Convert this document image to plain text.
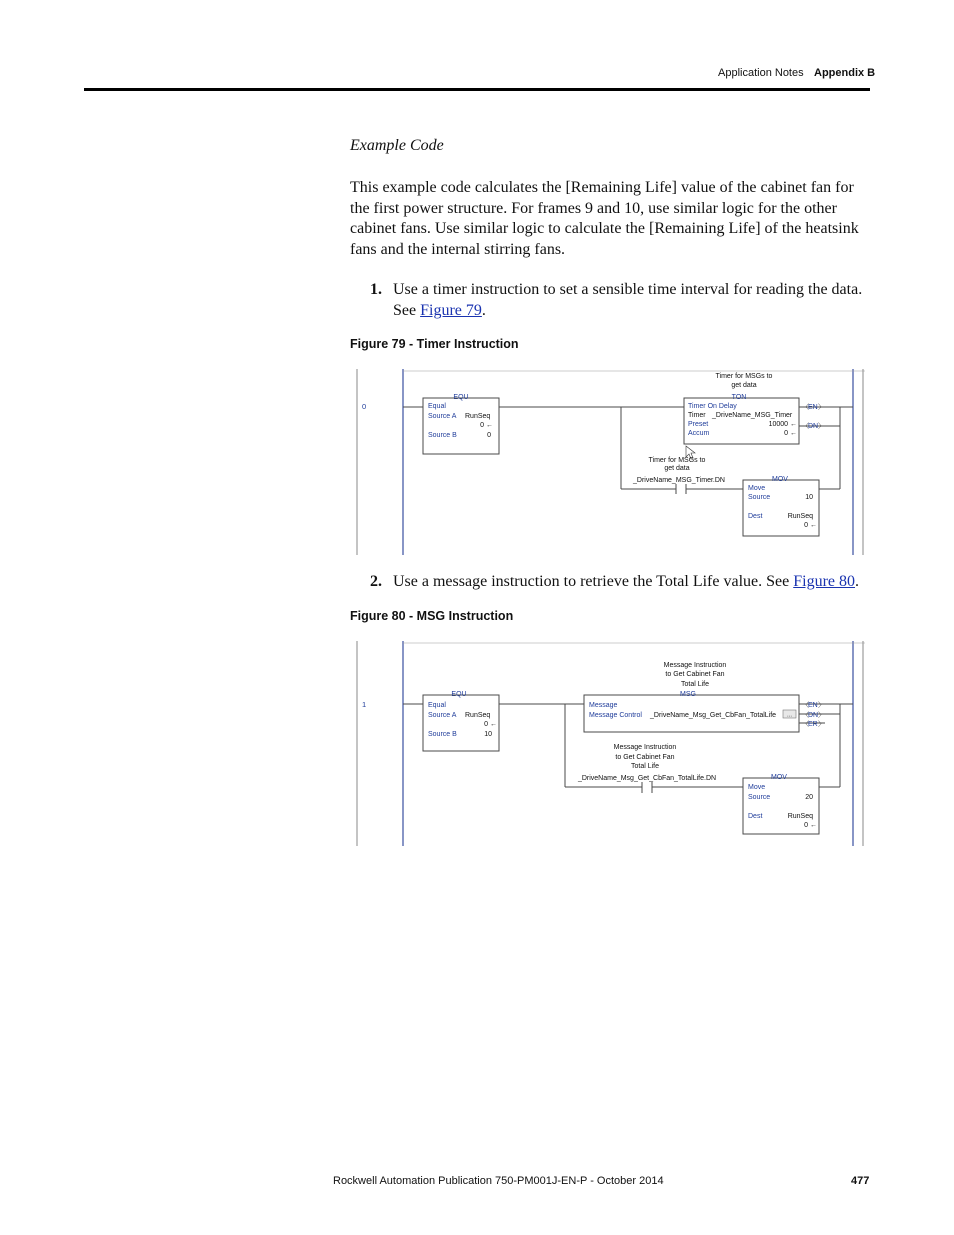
Application Notes Appendix B
Example Code
This example code calculates the [Remaining Life] value of the cabinet fan for the first power structure. For frames 9 and 10, use similar logic for the other cabinet fans. Use similar logic to calculate the [Remaining Life] of the heatsink fans and the internal stirring fans.
1. Use a timer instruction to set a sensible time interval for reading the data. See Figure 79.
Figure 79 - Timer Instruction
0
EQU
Equal
Source A RunSeq
0 ←
Source B	0
Timer for MSGs to
get data
TON
Timer On Delay
Timer _DriveName_MSG_Timer
Preset	10000 ←
Accum	0 ←
〈 EN 〉
〈 DN 〉
Timer for MSGs to
get data
_DriveName_MSG_Timer.DN	MOV
Move
Source	10
Dest	RunSeq
0 ←
2. Use a message instruction to retrieve the Total Life value. See Figure 80.
Figure 80 - MSG Instruction
1
Message Instruction
to Get Cabinet Fan
Total Life
EQU
Equal
Source A RunSeq
0 ←
Source B	10
MSG
Message
Message Control _DriveName_Msg_Get_CbFan_TotalLife ...
〈 EN 〉
〈 DN 〉
〈 ER 〉
Message Instruction
to Get Cabinet Fan
Total Life
_DriveName_Msg_Get_CbFan_TotalLife.DN	MOV
Move
Source	20
Dest	RunSeq
0 ←
Rockwell Automation Publication 750-PM001J-EN-P - October 2014	477
